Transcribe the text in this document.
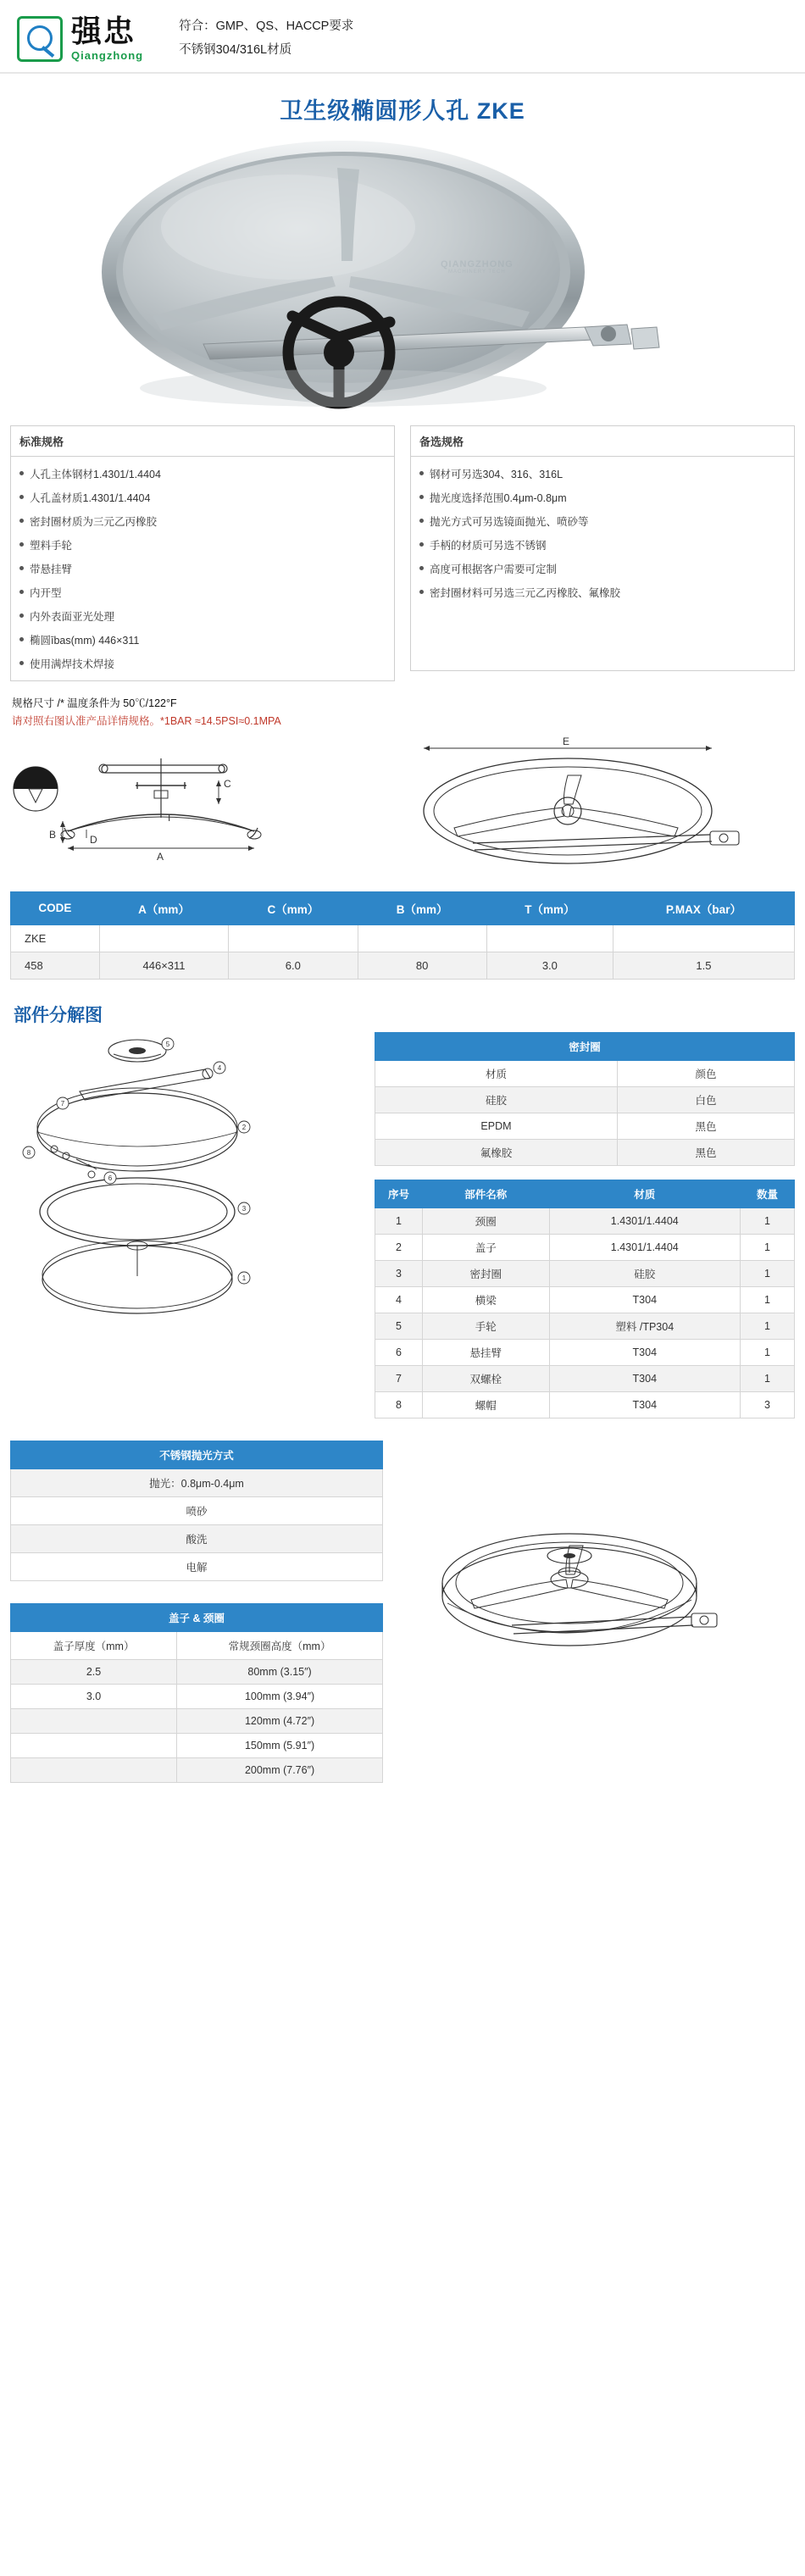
强忠
Qiangzhong
符合：GMP、QS、HACCP要求
不锈钢304/316L材质
卫生级椭圆形人孔 ZKE
QIANGZHONG
MACHINERY TECH
标准规格
人孔主体钢材1.4301/1.4404
人孔盖材质1.4301/1.4404
密封圈材质为三元乙丙橡胶
塑料手轮
带悬挂臂
内开型
内外表面亚光处理
椭圆ības(mm) 446×311
使用满焊技术焊接
备选规格
钢材可另选304、316、316L
抛光度选择范围0.4μm-0.8μm
抛光方式可另选镜面抛光、喷砂等
手柄的材质可另选不锈钢
高度可根据客户需要可定制
密封圈材料可另选三元乙丙橡胶、氟橡胶
规格尺寸 /* 温度条件为 50℃/122°F
请对照右图认准产品详情规格。*1BAR ≈14.5PSI≈0.1MPA
A
B
C
D
T
E
CODE	A（mm）	C（mm）	B（mm）	T（mm）	P.MAX（bar）
ZKE					
458	446×311	6.0	80	3.0	1.5
部件分解图
5
4
7
8
2
3
1
6
密封圈	
材质	颜色
硅胶	白色
EPDM	黑色
氟橡胶	黑色
序号	部件名称	材质	数量
1	颈圈	1.4301/1.4404	1
2	盖子	1.4301/1.4404	1
3	密封圈	硅胶	1
4	横梁	T304	1
5	手轮	塑料 /TP304	1
6	悬挂臂	T304	1
7	双螺栓	T304	1
8	螺帽	T304	3
不锈钢抛光方式
抛光：0.8μm-0.4μm
喷砂
酸洗
电解
盖子 & 颈圈	
盖子厚度（mm）	常规颈圈高度（mm）
2.5	80mm (3.15″)
3.0	100mm (3.94″)
	120mm (4.72″)
	150mm (5.91″)
	200mm (7.76″)
